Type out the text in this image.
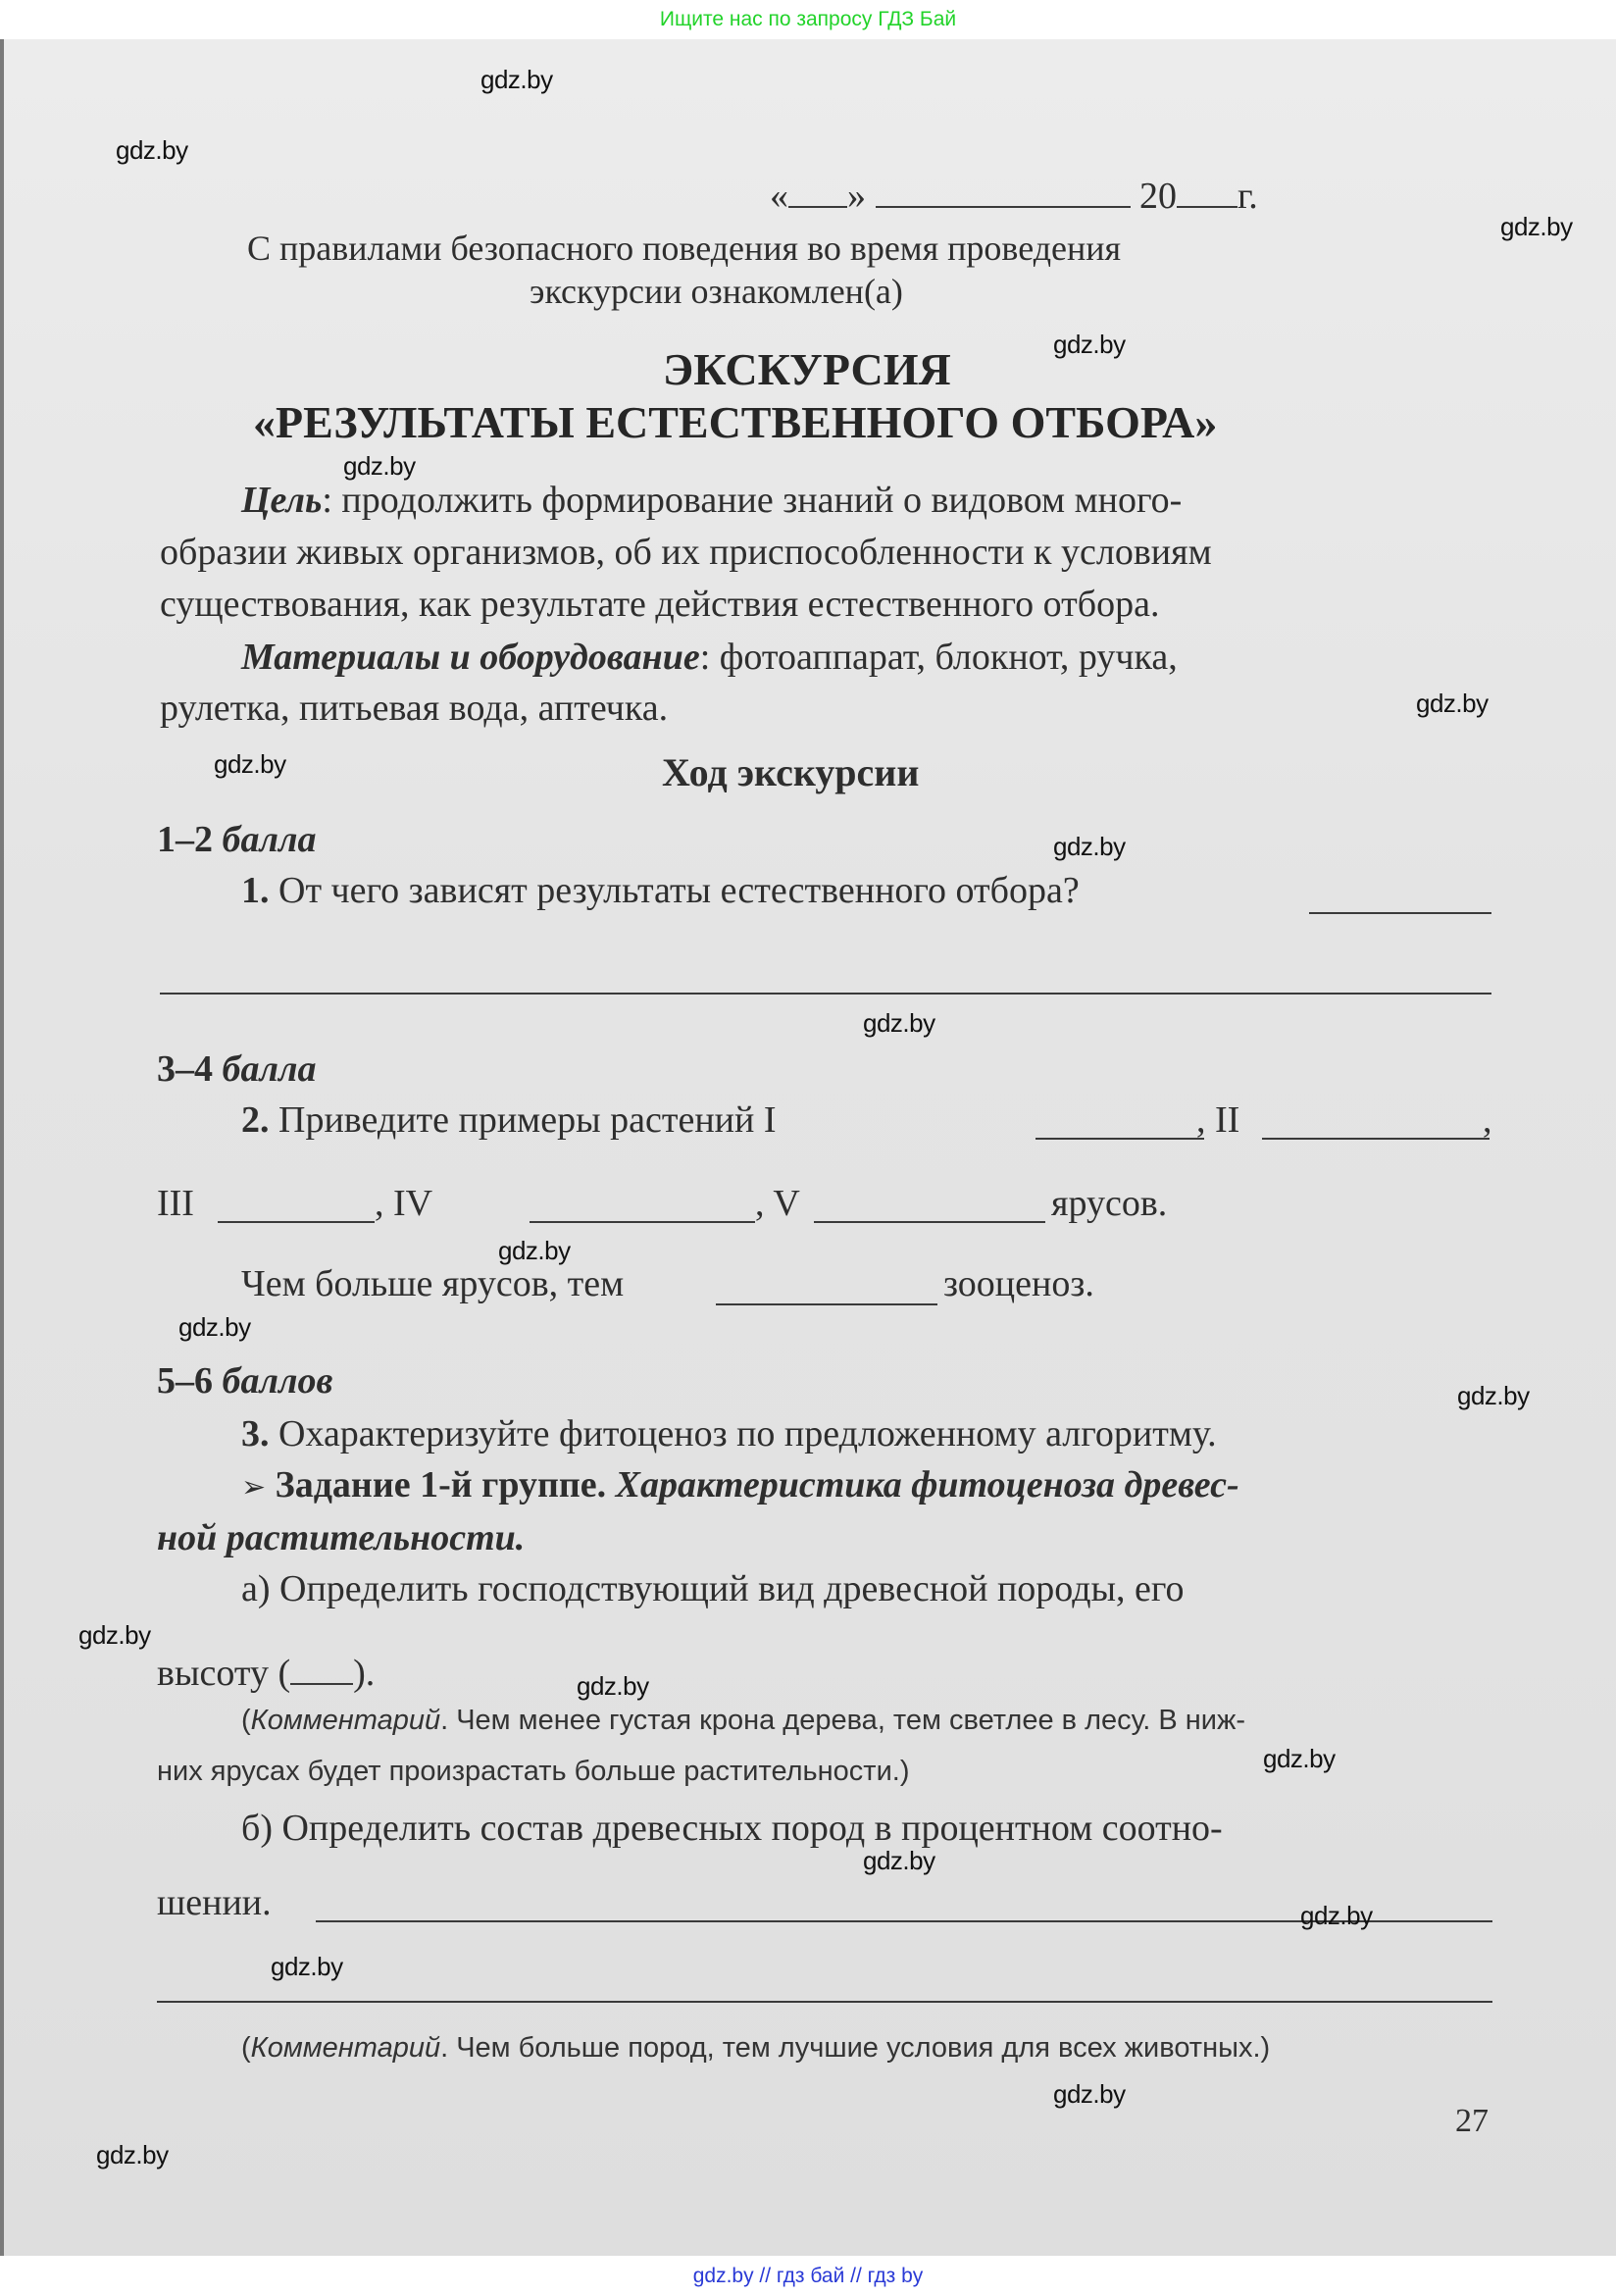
Ищите нас по запросу ГДЗ Бай
« »	20 г.
С правилами безопасного поведения во время проведения
экскурсии ознакомлен(а)
ЭКСКУРСИЯ
«РЕЗУЛЬТАТЫ ЕСТЕСТВЕННОГО ОТБОРА»
Цель: продолжить формирование знаний о видовом много-
образии живых организмов, об их приспособленности к условиям
существования, как результате действия естественного отбора.
Материалы и оборудование: фотоаппарат, блокнот, ручка,
рулетка, питьевая вода, аптечка.
Ход экскурсии
1–2 балла
1. От чего зависят результаты естественного отбора?
3–4 балла
2. Приведите примеры растений I	, II	,
III	, IV	, V	ярусов.
Чем больше ярусов, тем	зооценоз.
5–6 баллов
3. Охарактеризуйте фитоценоз по предложенному алгоритму.
➢ Задание 1-й группе. Характеристика фитоценоза древес-
ной растительности.
а) Определить господствующий вид древесной породы, его
высоту ( ).
(Комментарий. Чем менее густая крона дерева, тем светлее в лесу. В ниж-
них ярусах будет произрастать больше растительности.)
б) Определить состав древесных пород в процентном соотно-
шении.
(Комментарий. Чем больше пород, тем лучшие условия для всех животных.)
27
gdz.by
gdz.by
gdz.by
gdz.by
gdz.by
gdz.by
gdz.by
gdz.by
gdz.by
gdz.by
gdz.by
gdz.by
gdz.by
gdz.by
gdz.by
gdz.by
gdz.by
gdz.by
gdz.by
gdz.by
gdz.by // гдз бай // гдз by
